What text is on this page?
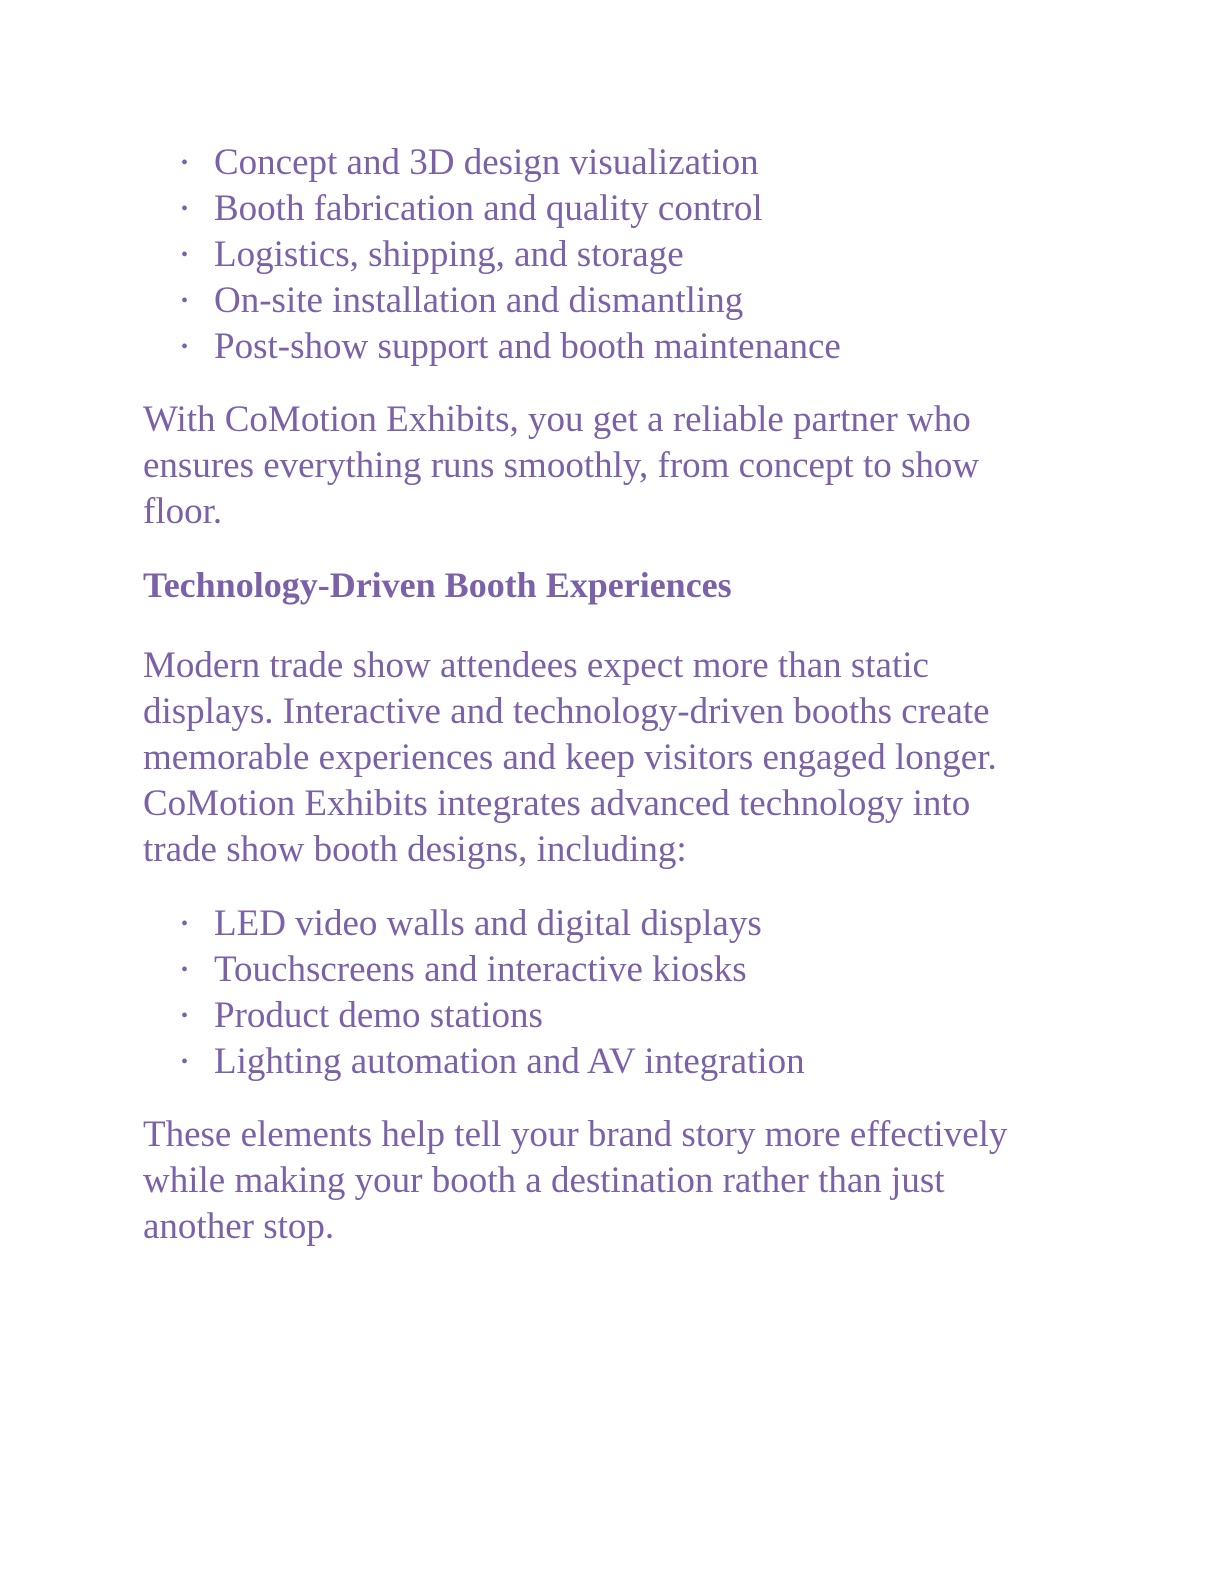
• Concept and 3D design visualization
• Booth fabrication and quality control
• Logistics, shipping, and storage
• On-site installation and dismantling
• Post-show support and booth maintenance

With CoMotion Exhibits, you get a reliable partner who
ensures everything runs smoothly, from concept to show
floor.

Technology-Driven Booth Experiences

Modern trade show attendees expect more than static
displays. Interactive and technology-driven booths create
memorable experiences and keep visitors engaged longer.
CoMotion Exhibits integrates advanced technology into
trade show booth designs, including:

• LED video walls and digital displays
• Touchscreens and interactive kiosks
• Product demo stations
• Lighting automation and AV integration

These elements help tell your brand story more effectively
while making your booth a destination rather than just
another stop.
